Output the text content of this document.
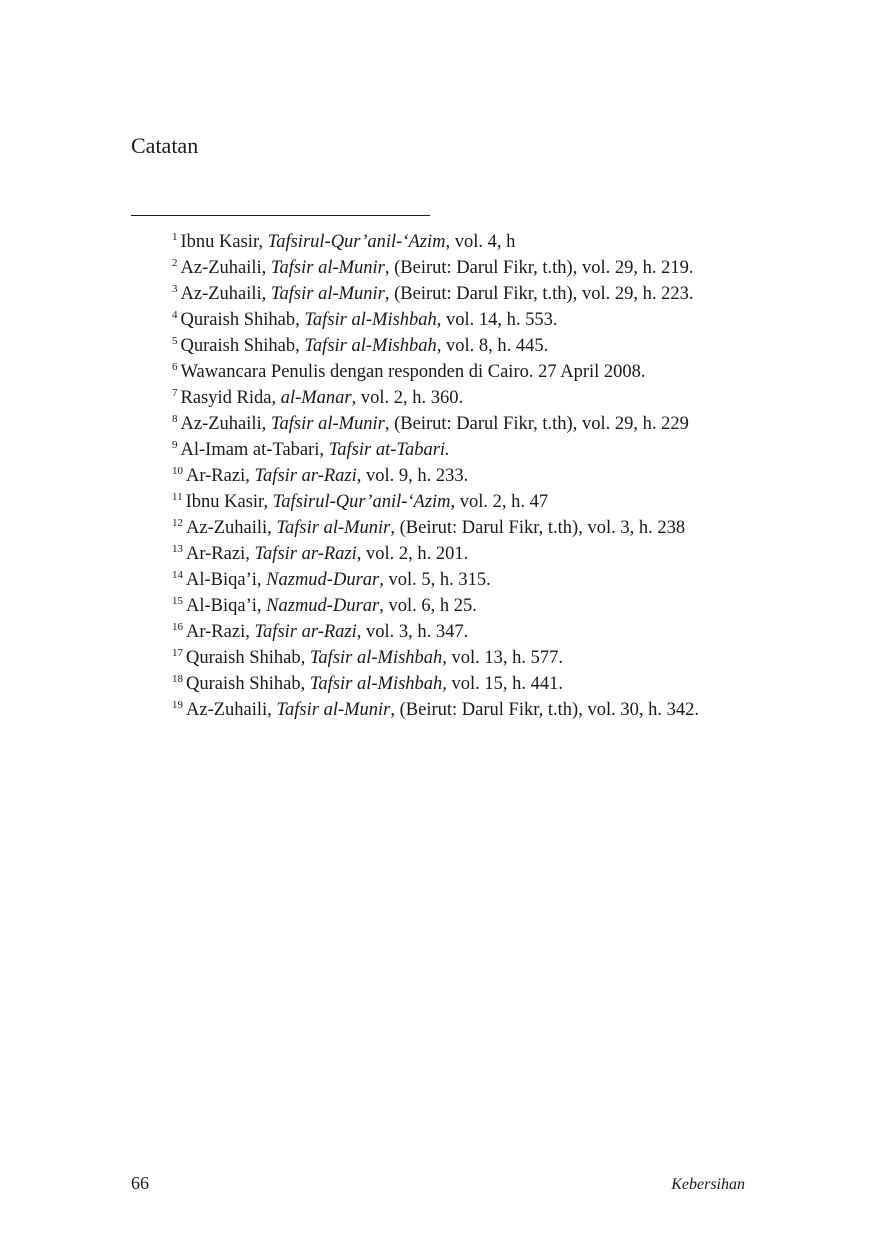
Catatan
$^1$ Ibnu Kasir, Tafsirul-Qur’anil-‘Azim, vol. 4, h
$^2$ Az-Zuhaili, Tafsir al-Munir, (Beirut: Darul Fikr, t.th), vol. 29, h. 219.
$^3$ Az-Zuhaili, Tafsir al-Munir, (Beirut: Darul Fikr, t.th), vol. 29, h. 223.
$^4$ Quraish Shihab, Tafsir al-Mishbah, vol. 14, h. 553.
$^5$ Quraish Shihab, Tafsir al-Mishbah, vol. 8, h. 445.
$^6$ Wawancara Penulis dengan responden di Cairo. 27 April 2008.
$^7$ Rasyid Rida, al-Manar, vol. 2, h. 360.
$^8$ Az-Zuhaili, Tafsir al-Munir, (Beirut: Darul Fikr, t.th), vol. 29, h. 229
$^9$ Al-Imam at-Tabari, Tafsir at-Tabari.
$^{10}$ Ar-Razi, Tafsir ar-Razi, vol. 9, h. 233.
$^{11}$ Ibnu Kasir, Tafsirul-Qur’anil-‘Azim, vol. 2, h. 47
$^{12}$ Az-Zuhaili, Tafsir al-Munir, (Beirut: Darul Fikr, t.th), vol. 3, h. 238
$^{13}$ Ar-Razi, Tafsir ar-Razi, vol. 2, h. 201.
$^{14}$ Al-Biqa’i, Nazmud-Durar, vol. 5, h. 315.
$^{15}$ Al-Biqa’i, Nazmud-Durar, vol. 6, h 25.
$^{16}$ Ar-Razi, Tafsir ar-Razi, vol. 3, h. 347.
$^{17}$ Quraish Shihab, Tafsir al-Mishbah, vol. 13, h. 577.
$^{18}$ Quraish Shihab, Tafsir al-Mishbah, vol. 15, h. 441.
$^{19}$ Az-Zuhaili, Tafsir al-Munir, (Beirut: Darul Fikr, t.th), vol. 30, h. 342.
66	Kebersihan
